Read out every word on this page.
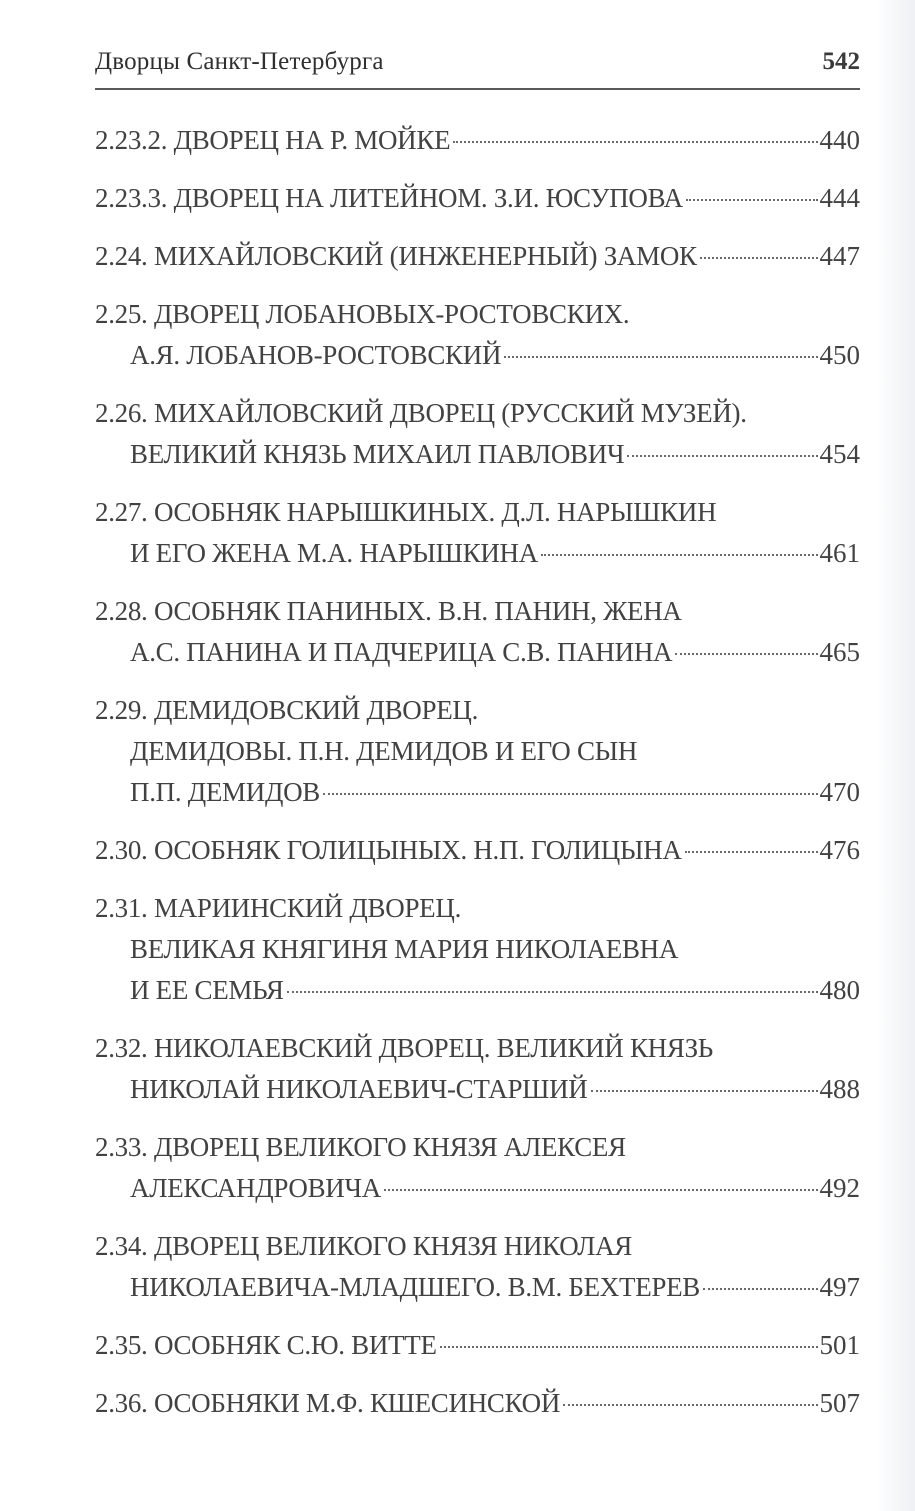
Дворцы Санкт-Петербурга	542
2.23.2. ДВОРЕЦ НА Р. МОЙКЕ	440
2.23.3. ДВОРЕЦ НА ЛИТЕЙНОМ. З.И. ЮСУПОВА	444
2.24. МИХАЙЛОВСКИЙ (ИНЖЕНЕРНЫЙ) ЗАМОК	447
2.25. ДВОРЕЦ ЛОБАНОВЫХ-РОСТОВСКИХ.
А.Я. ЛОБАНОВ-РОСТОВСКИЙ	450
2.26. МИХАЙЛОВСКИЙ ДВОРЕЦ (РУССКИЙ МУЗЕЙ).
ВЕЛИКИЙ КНЯЗЬ МИХАИЛ ПАВЛОВИЧ	454
2.27. ОСОБНЯК НАРЫШКИНЫХ. Д.Л. НАРЫШКИН
И ЕГО ЖЕНА М.А. НАРЫШКИНА	461
2.28. ОСОБНЯК ПАНИНЫХ. В.Н. ПАНИН, ЖЕНА
А.С. ПАНИНА И ПАДЧЕРИЦА С.В. ПАНИНА	465
2.29. ДЕМИДОВСКИЙ ДВОРЕЦ.
ДЕМИДОВЫ. П.Н. ДЕМИДОВ И ЕГО СЫН
П.П. ДЕМИДОВ	470
2.30. ОСОБНЯК ГОЛИЦЫНЫХ. Н.П. ГОЛИЦЫНА	476
2.31. МАРИИНСКИЙ ДВОРЕЦ.
ВЕЛИКАЯ КНЯГИНЯ МАРИЯ НИКОЛАЕВНА
И ЕЕ СЕМЬЯ	480
2.32. НИКОЛАЕВСКИЙ ДВОРЕЦ. ВЕЛИКИЙ КНЯЗЬ
НИКОЛАЙ НИКОЛАЕВИЧ-СТАРШИЙ	488
2.33. ДВОРЕЦ ВЕЛИКОГО КНЯЗЯ АЛЕКСЕЯ
АЛЕКСАНДРОВИЧА	492
2.34. ДВОРЕЦ ВЕЛИКОГО КНЯЗЯ НИКОЛАЯ
НИКОЛАЕВИЧА-МЛАДШЕГО. В.М. БЕХТЕРЕВ	497
2.35. ОСОБНЯК С.Ю. ВИТТЕ	501
2.36. ОСОБНЯКИ М.Ф. КШЕСИНСКОЙ	507
